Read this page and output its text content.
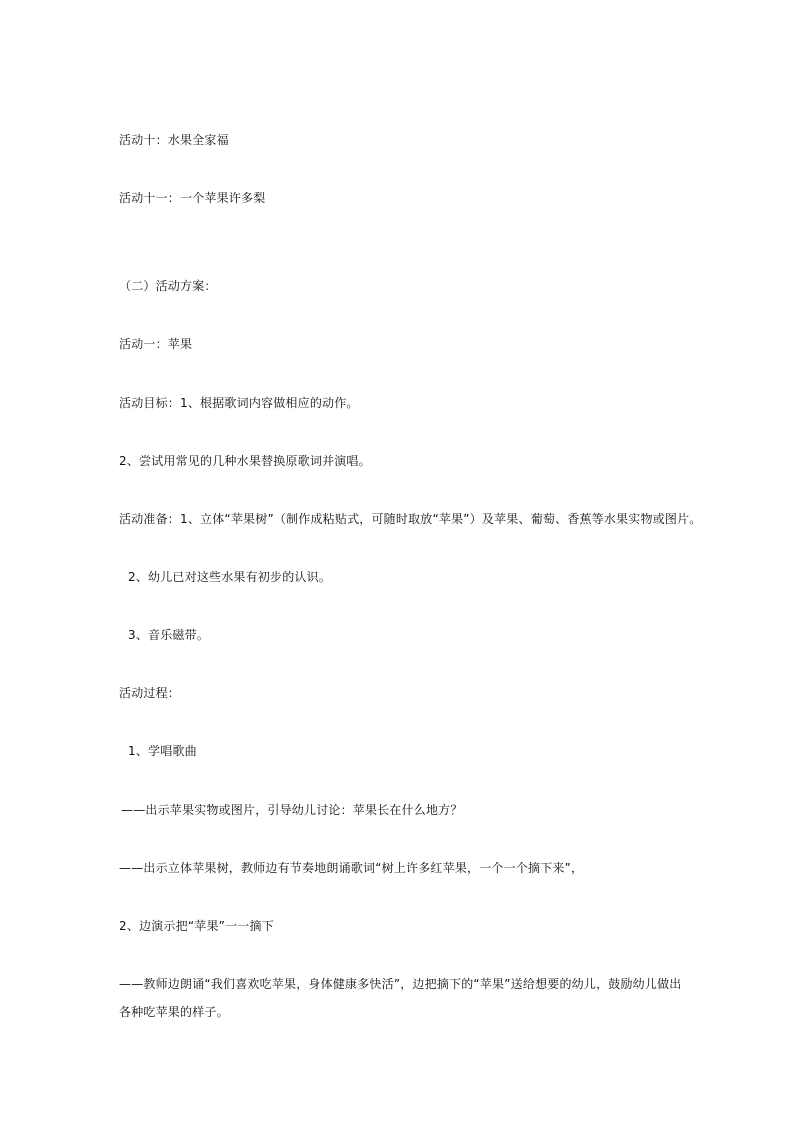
活动十：水果全家福
活动十一：一个苹果许多梨
（二）活动方案：
活动一：苹果
活动目标：1、根据歌词内容做相应的动作。
2、尝试用常见的几种水果替换原歌词并演唱。
活动准备：1、立体“苹果树”（制作成粘贴式，可随时取放“苹果”）及苹果、葡萄、香蕉等水果实物或图片。
2、幼儿已对这些水果有初步的认识。
3、音乐磁带。
活动过程：
1、学唱歌曲
——出示苹果实物或图片，引导幼儿讨论：苹果长在什么地方？
——出示立体苹果树，教师边有节奏地朗诵歌词“树上许多红苹果，一个一个摘下来”，
2、边演示把“苹果”一一摘下
——教师边朗诵“我们喜欢吃苹果，身体健康多快活”，边把摘下的“苹果”送给想要的幼儿，鼓励幼儿做出
各种吃苹果的样子。
